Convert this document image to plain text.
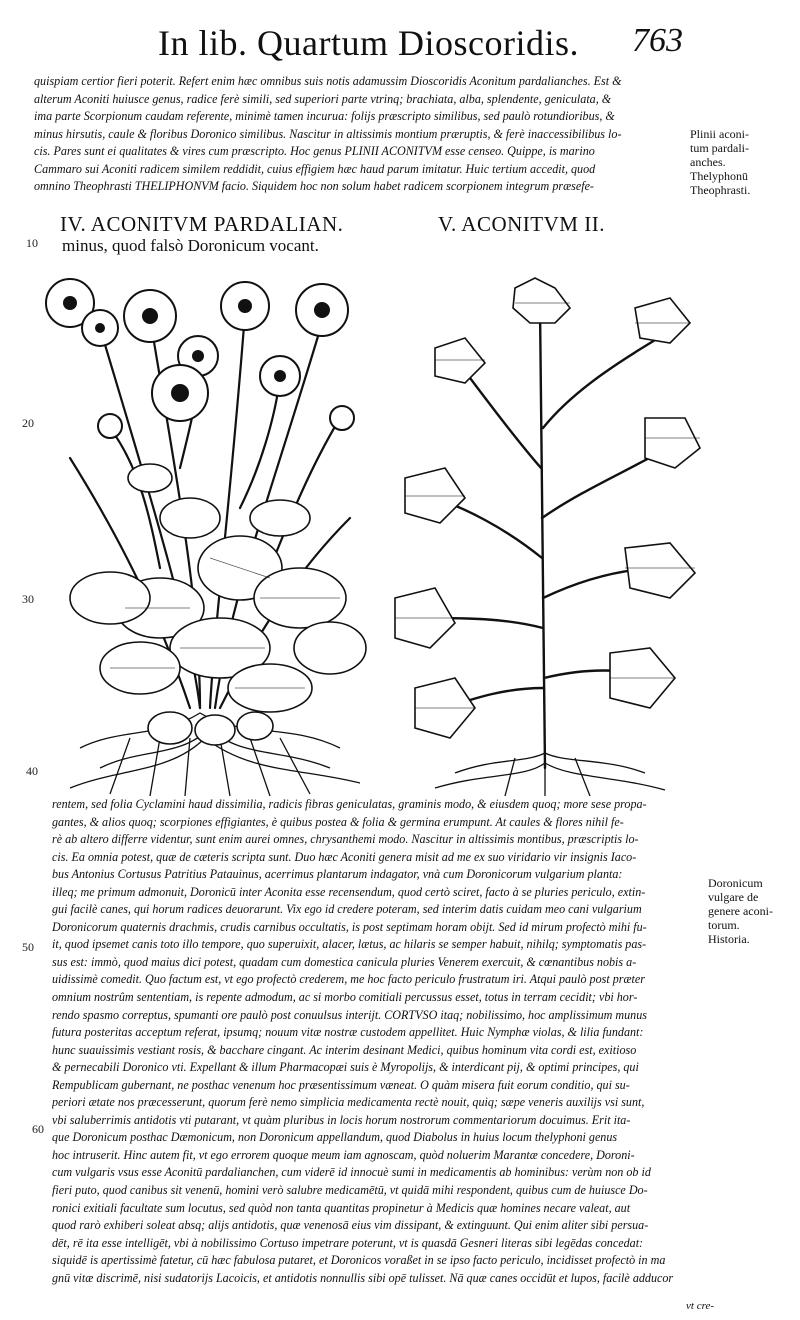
In lib. Quartum Dioscoridis. 763
quispiam certior fieri poterit. Refert enim hæc omnibus suis notis adamussim Dioscoridis Aconitum pardalianches. Est &
alterum Aconiti huiusce genus, radice ferè simili, sed superiori parte vtrinq; brachiata, alba, splendente, geniculata, &
ima parte Scorpionum caudam referente, minimè tamen incurua: folijs præscripto similibus, sed paulò rotundioribus, &
minus hirsutis, caule & floribus Doronico similibus. Nascitur in altissimis montium præruptis, & ferè inaccessibilibus lo-
cis. Pares sunt ei qualitates & vires cum præscripto. Hoc genus PLINII ACONITVM esse censeo. Quippe, is marino
Cammaro sui Aconiti radicem similem reddidit, cuius effigiem hæc haud parum imitatur. Huic tertium accedit, quod
omnino Theophrasti THELIPHONVM facio. Siquidem hoc non solum habet radicem scorpionem integrum præsefe-
Plinii aconi-
tum pardali-
anches.
Thelyphonū
Theophrasti.
IV. ACONITVM PARDALIAN.
minus, quod falsò Doronicum vocant.
V. ACONITVM II.
10
20
30
40
50
60
rentem, sed folia Cyclamini haud dissimilia, radicis fibras geniculatas, graminis modo, & eiusdem quoq; more sese propa-
gantes, & alios quoq; scorpiones effigiantes, è quibus postea & folia & germina erumpunt. At caules & flores nihil fe-
rè ab altero differre videntur, sunt enim aurei omnes, chrysanthemi modo. Nascitur in altissimis montibus, præscriptis lo-
cis. Ea omnia potest, quæ de cæteris scripta sunt. Duo hæc Aconiti genera misit ad me ex suo viridario vir insignis Iaco-
bus Antonius Cortusus Patritius Patauinus, acerrimus plantarum indagator, vnà cum Doronicorum vulgarium planta:
illeq; me primum admonuit, Doronicū inter Aconita esse recensendum, quod certò sciret, facto à se pluries periculo, extin-
gui facilè canes, qui horum radices deuorarunt. Vix ego id credere poteram, sed interim datis cuidam meo cani vulgarium
Doronicorum quaternis drachmis, crudis carnibus occultatis, is post septimam horam obijt. Sed id mirum profectò mihi fu-
it, quod ipsemet canis toto illo tempore, quo superuixit, alacer, lætus, ac hilaris se semper habuit, nihilq; symptomatis pas-
sus est: immò, quod maius dici potest, quadam cum domestica canicula pluries Venerem exercuit, & cœnantibus nobis a-
uidissimè comedit. Quo factum est, vt ego profectò crederem, me hoc facto periculo frustratum iri. Atqui paulò post præter
omnium nostrûm sententiam, is repente admodum, ac si morbo comitiali percussus esset, totus in terram cecidit; vbi hor-
rendo spasmo correptus, spumanti ore paulò post conuulsus interijt. CORTVSO itaq; nobilissimo, hoc amplissimum munus
futura posteritas acceptum referat, ipsumq; nouum vitæ nostræ custodem appellitet. Huic Nymphæ violas, & lilia fundant:
hunc suauissimis vestiant rosis, & bacchare cingant. Ac interim desinant Medici, quibus hominum vita cordi est, exitioso
& pernecabili Doronico vti. Expellant & illum Pharmacopæi suis è Myropolijs, & interdicant pij, & optimi principes, qui
Rempublicam gubernant, ne posthac venenum hoc præsentissimum væneat. O quàm misera fuit eorum conditio, qui su-
periori ætate nos præcesserunt, quorum ferè nemo simplicia medicamenta rectè nouit, quiq; sæpe veneris auxilijs vsi sunt,
vbi saluberrimis antidotis vti putarant, vt quàm pluribus in locis horum nostrorum commentariorum docuimus. Erit ita-
que Doronicum posthac Dæmonicum, non Doronicum appellandum, quod Diabolus in huius locum thelyphoni genus
hoc intruserit. Hinc autem fit, vt ego errorem quoque meum iam agnoscam, quòd noluerim Marantæ concedere, Doroni-
cum vulgaris vsus esse Aconitū pardalianchen, cum viderē id innocuè sumi in medicamentis ab hominibus: verùm non ob id
fieri puto, quod canibus sit venenū, homini verò salubre medicamētū, vt quidā mihi respondent, quibus cum de huiusce Do-
ronici exitiali facultate sum locutus, sed quòd non tanta quantitas propinetur à Medicis quæ homines necare valeat, aut
quod rarò exhiberi soleat absq; alijs antidotis, quæ venenosā eius vim dissipant, & extinguunt. Qui enim aliter sibi persua-
dēt, rē ita esse intelligēt, vbi à nobilissimo Cortuso impetrare poterunt, vt is quasdā Gesneri literas sibi legēdas concedat:
siquidē is apertissimè fatetur, cū hæc fabulosa putaret, et Doronicos voraßet in se ipso facto periculo, incidisset profectò in ma
gnū vitæ discrimē, nisi sudatorijs Lacoicis, et antidotis nonnullis sibi opē tulisset. Nā quæ canes occidūt et lupos, facilè adducor
Doronicum
vulgare de
genere aconi-
torum.
Historia.
vt cre-
